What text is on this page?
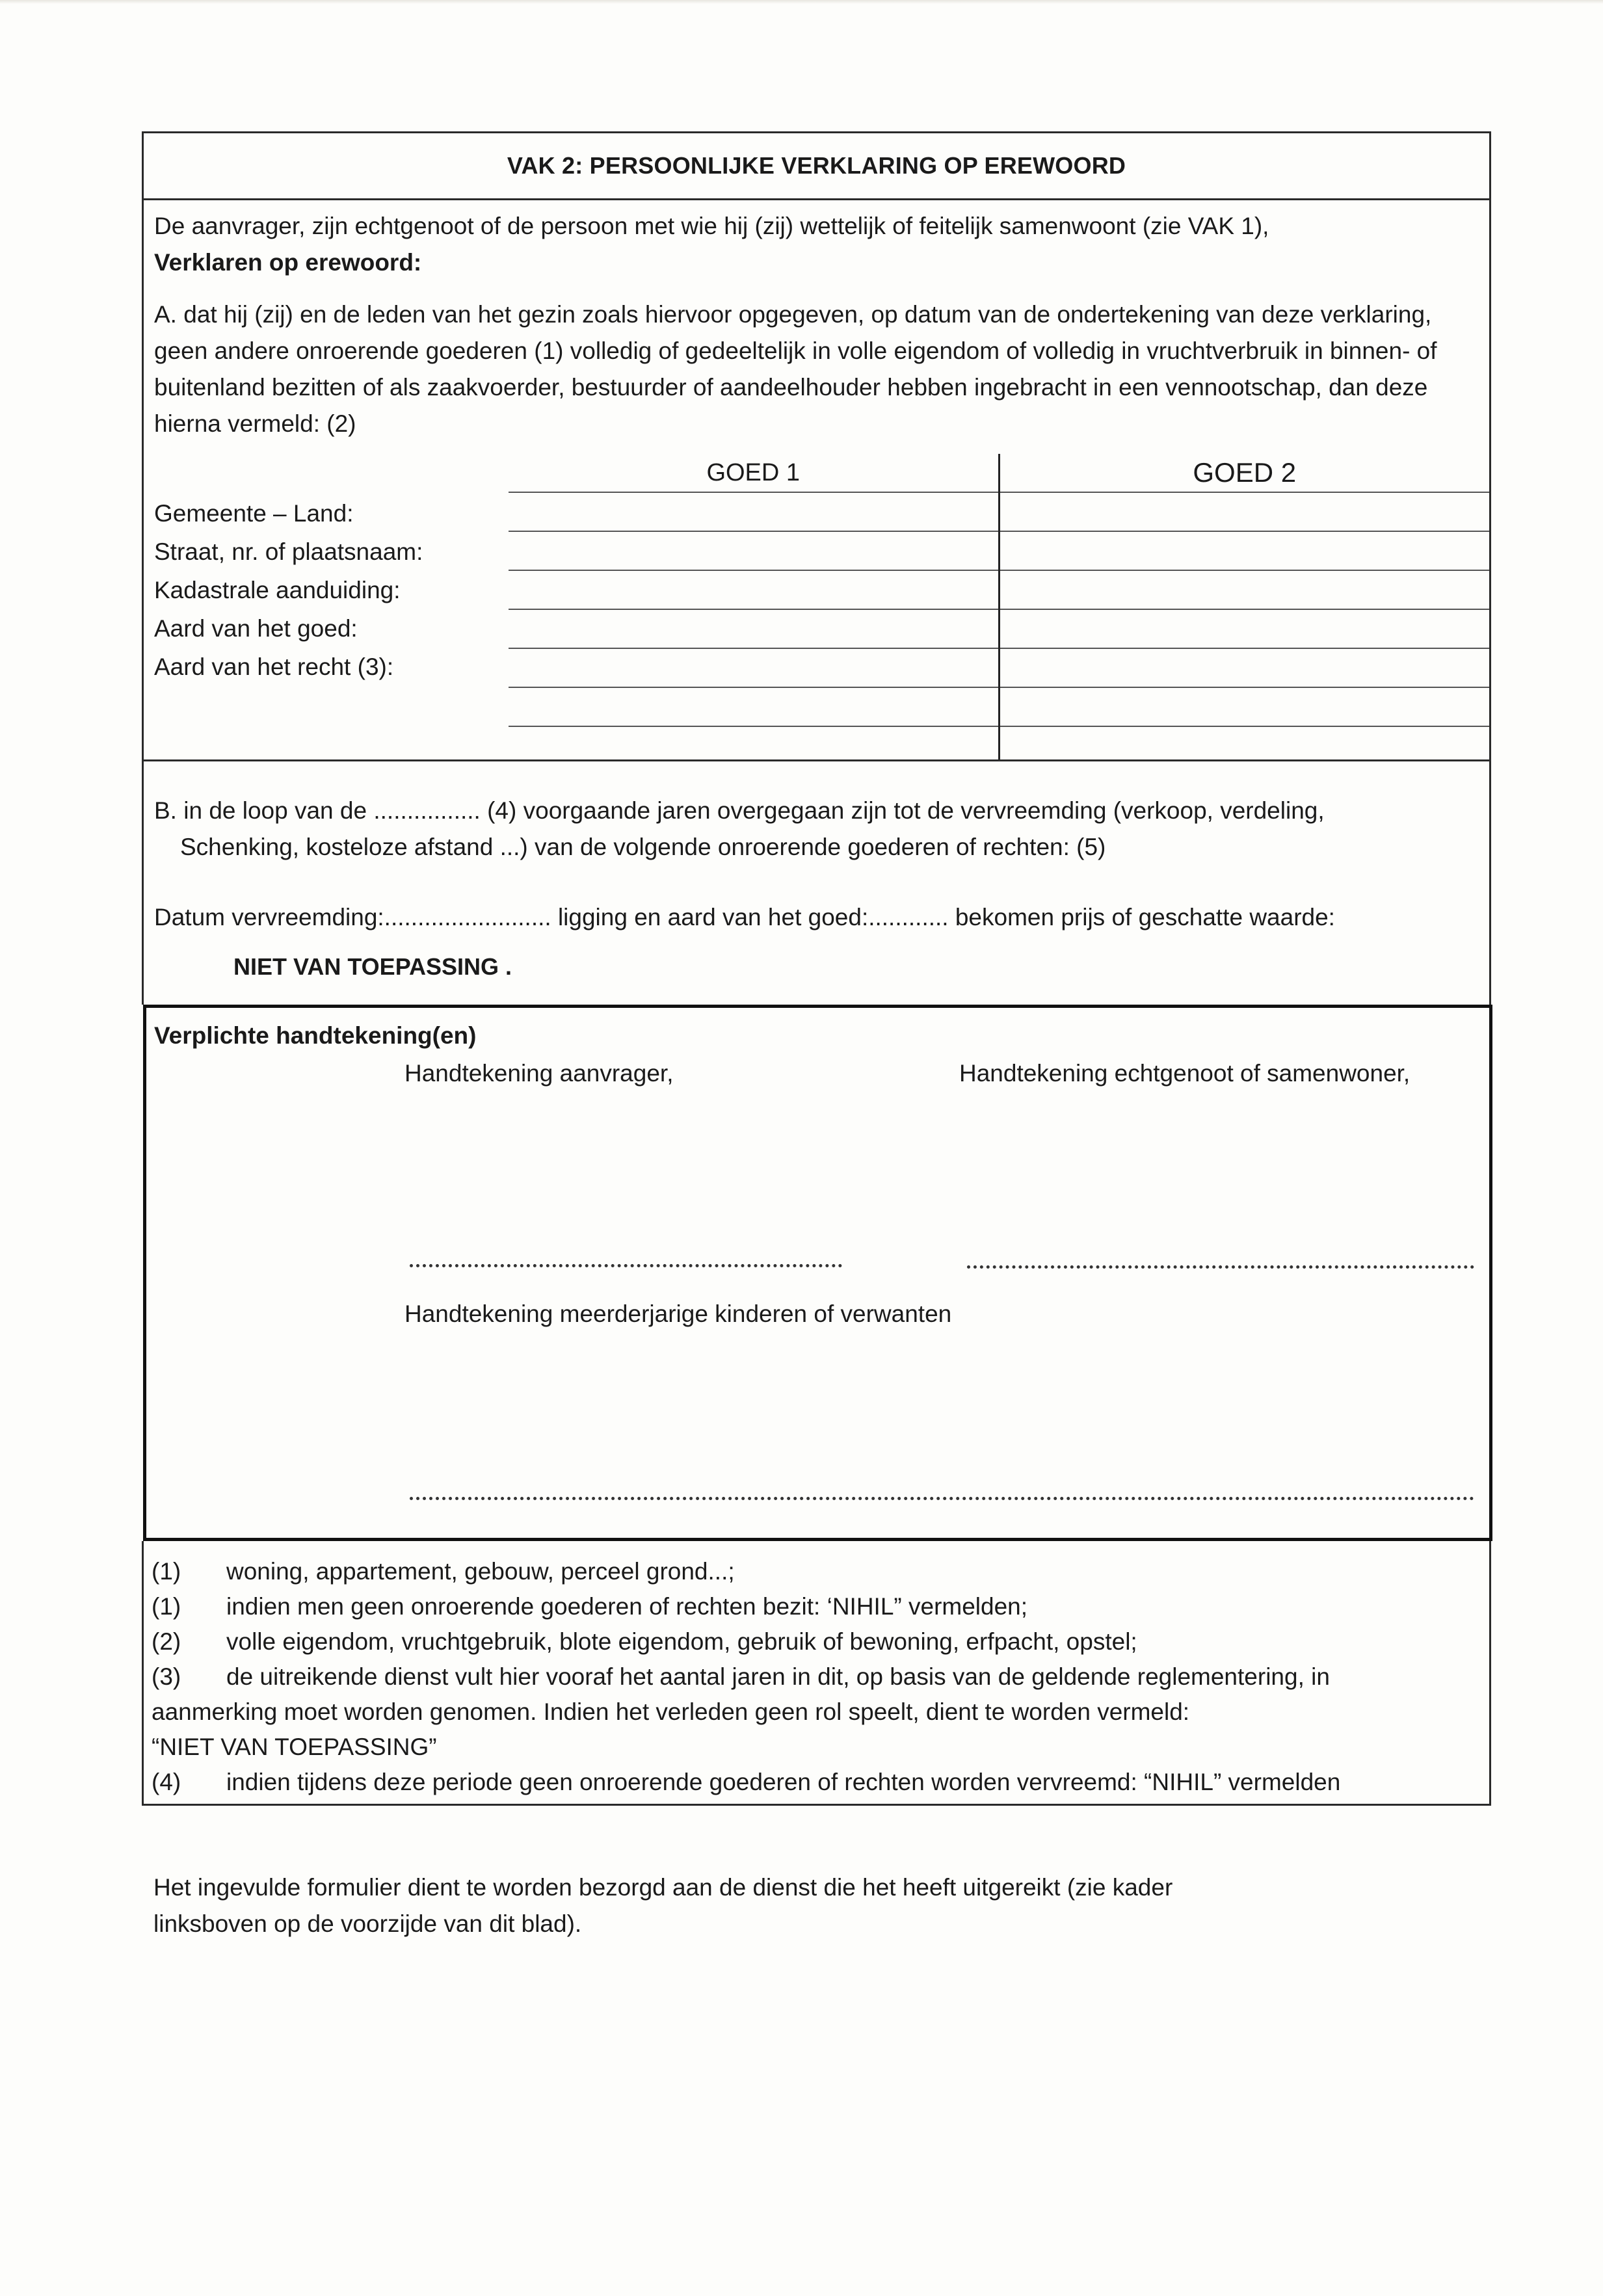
VAK 2: PERSOONLIJKE VERKLARING OP EREWOORD
De aanvrager, zijn echtgenoot of de persoon met wie hij (zij) wettelijk of feitelijk samenwoont (zie VAK 1),
Verklaren op erewoord:
A. dat hij (zij) en de leden van het gezin zoals hiervoor opgegeven, op datum van de ondertekening van deze verklaring, geen andere onroerende goederen (1) volledig of gedeeltelijk in volle eigendom of volledig in vruchtverbruik in binnen- of buitenland bezitten of als zaakvoerder, bestuurder of aandeelhouder hebben ingebracht in een vennootschap, dan deze hierna vermeld: (2)
Gemeente – Land:
Straat, nr. of plaatsnaam:
Kadastrale aanduiding:
Aard van het goed:
Aard van het recht (3):
GOED 1	GOED 2
B. in de loop van de ................ (4) voorgaande jaren overgegaan zijn tot de vervreemding (verkoop, verdeling,
Schenking, kosteloze afstand ...) van de volgende onroerende goederen of rechten: (5)
Datum vervreemding:......................... ligging en aard van het goed:............ bekomen prijs of geschatte waarde:
NIET VAN TOEPASSING .
Verplichte handtekening(en)
Handtekening aanvrager,	Handtekening echtgenoot of samenwoner,
Handtekening meerderjarige kinderen of verwanten
(1)	woning, appartement, gebouw, perceel grond...;
(1)	indien men geen onroerende goederen of rechten bezit: ‘NIHIL” vermelden;
(2)	volle eigendom, vruchtgebruik, blote eigendom, gebruik of bewoning, erfpacht, opstel;
(3)	de uitreikende dienst vult hier vooraf het aantal jaren in dit, op basis van de geldende reglementering, in
aanmerking moet worden genomen. Indien het verleden geen rol speelt, dient te worden vermeld:
“NIET VAN TOEPASSING”
(4)	indien tijdens deze periode geen onroerende goederen of rechten worden vervreemd: “NIHIL” vermelden
Het ingevulde formulier dient te worden bezorgd aan de dienst die het heeft uitgereikt (zie kader
linksboven op de voorzijde van dit blad).
